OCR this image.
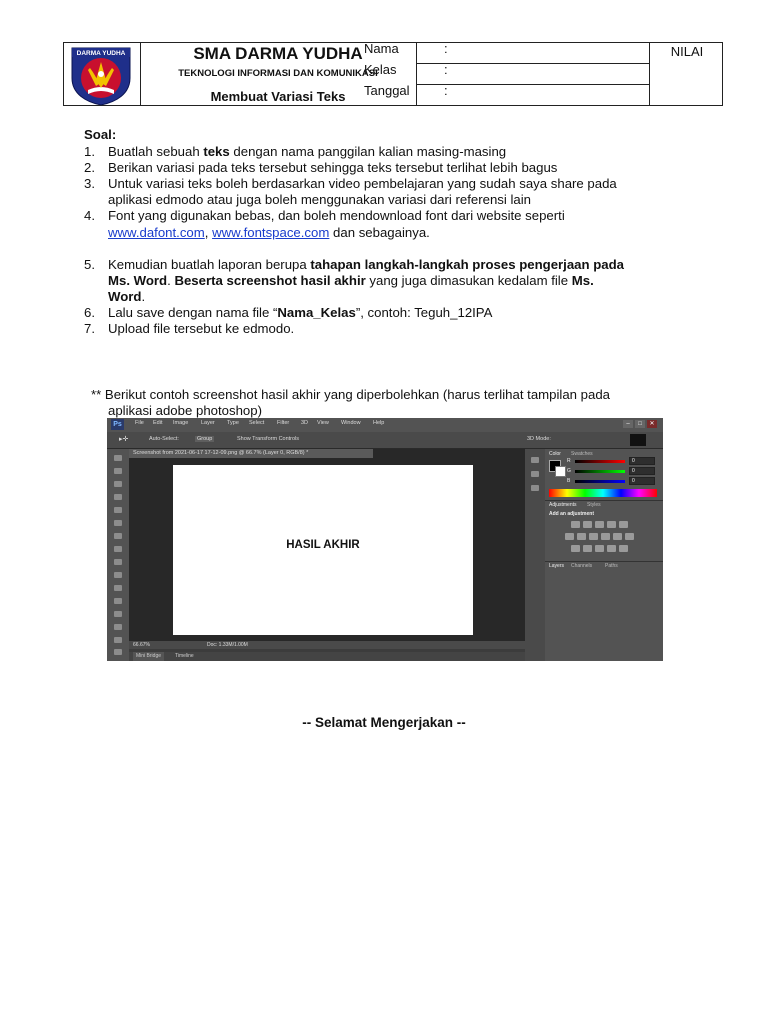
DARMA YUDHA	SMA DARMA YUDHA
TEKNOLOGI INFORMASI DAN KOMUNIKASI
Membuat Variasi Teks
Nama	:
Kelas	:
Tanggal	:
NILAI
Soal:
1. Buatlah sebuah teks dengan nama panggilan kalian masing-masing
2. Berikan variasi pada teks tersebut sehingga teks tersebut terlihat lebih bagus
3. Untuk variasi teks boleh berdasarkan video pembelajaran yang sudah saya share pada
aplikasi edmodo atau juga boleh menggunakan variasi dari referensi lain
4. Font yang digunakan bebas, dan boleh mendownload font dari website seperti
www.dafont.com, www.fontspace.com dan sebagainya.
5. Kemudian buatlah laporan berupa tahapan langkah-langkah proses pengerjaan pada
Ms. Word. Beserta screenshot hasil akhir yang juga dimasukan kedalam file Ms.
Word.
6. Lalu save dengan nama file “Nama_Kelas”, contoh: Teguh_12IPA
7. Upload file tersebut ke edmodo.
** Berikut contoh screenshot hasil akhir yang diperbolehkan (harus terlihat tampilan pada
aplikasi adobe photoshop)
Ps	File Edit Image Layer Type Select Filter 3D View Window Help	–	□	✕
▸✛	Auto-Select:	Group	Show Transform Controls	3D Mode:
Screenshot from 2021-06-17 17-12-09.png @ 66.7% (Layer 0, RGB/8) *
HASIL AKHIR
66.67%	Doc: 1.33M/1.00M
Mini Bridge	Timeline
Color Swatches
R	0
G	0
B	0
Adjustments Styles
Add an adjustment
Layers Channels	Paths
-- Selamat Mengerjakan --
